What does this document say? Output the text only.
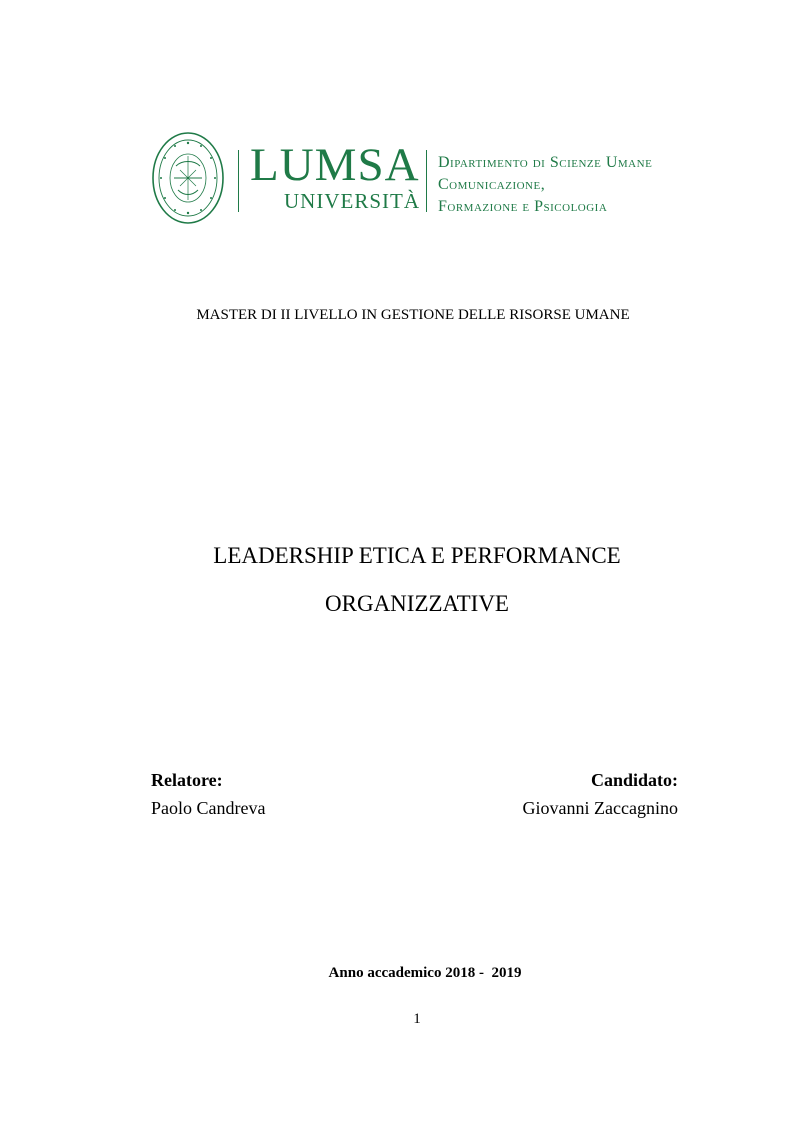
LUMSA
UNIVERSITÀ
Dipartimento di Scienze Umane
Comunicazione,
Formazione e Psicologia
MASTER DI II LIVELLO IN GESTIONE DELLE RISORSE UMANE
LEADERSHIP ETICA E PERFORMANCE
ORGANIZZATIVE
Relatore:
Paolo Candreva
Candidato:
Giovanni Zaccagnino
Anno accademico 2018 -  2019
1
